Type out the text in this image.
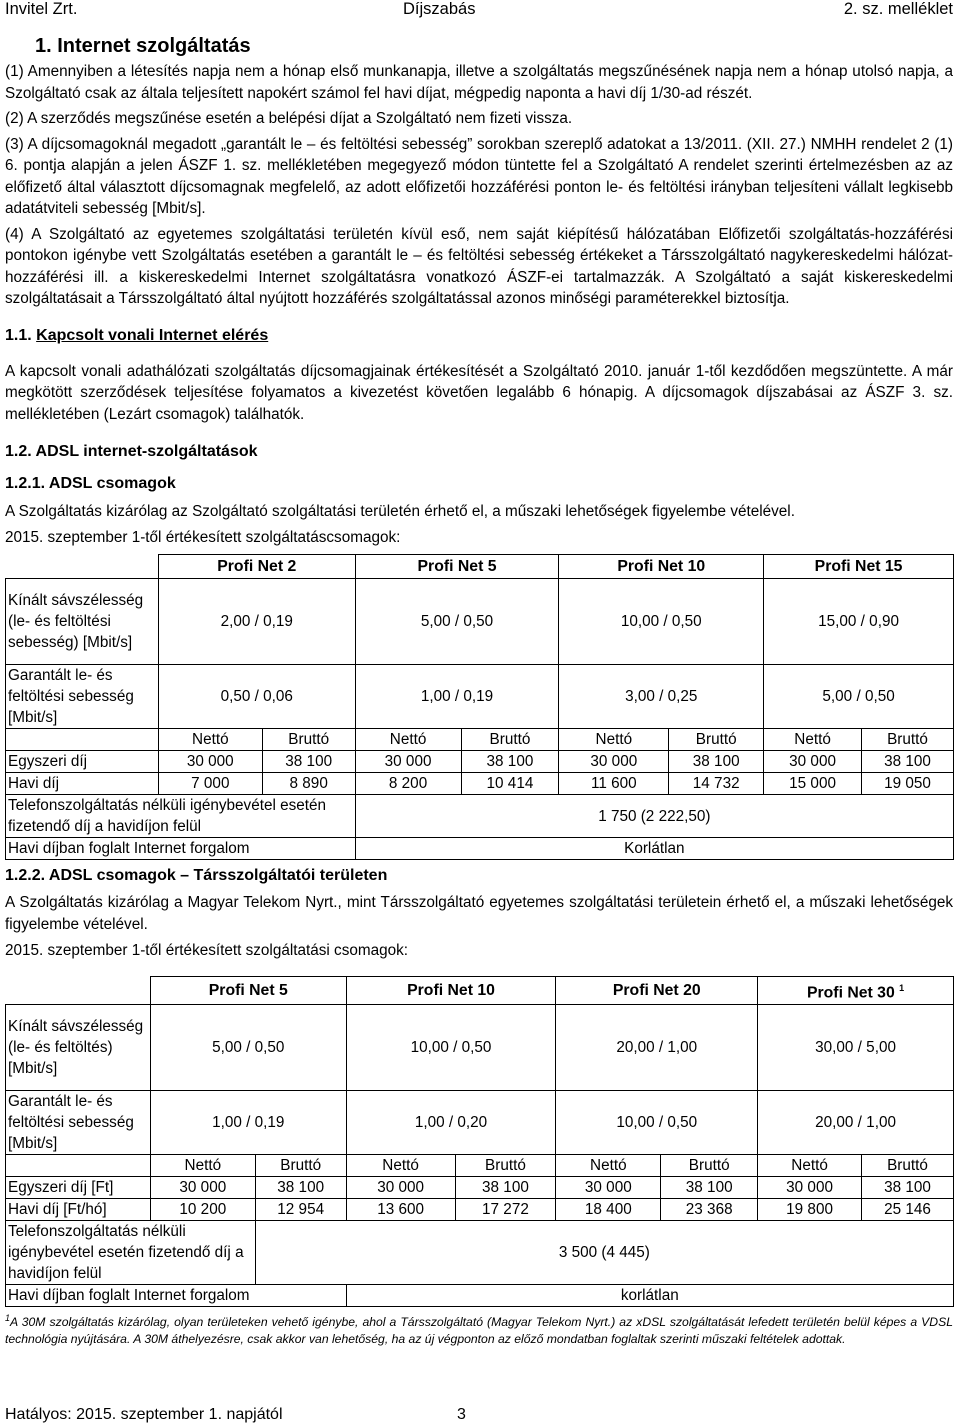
Invitel Zrt.	Díjszabás	2. sz. melléklet
1. Internet szolgáltatás

(1) Amennyiben a létesítés napja nem a hónap első munkanapja, illetve a szolgáltatás megszűnésének napja nem a hónap utolsó napja, a Szolgáltató csak az általa teljesített napokért számol fel havi díjat, mégpedig naponta a havi díj 1/30-ad részét.

(2) A szerződés megszűnése esetén a belépési díjat a Szolgáltató nem fizeti vissza.

(3) A díjcsomagoknál megadott „garantált le – és feltöltési sebesség” sorokban szereplő adatokat a 13/2011. (XII. 27.) NMHH rendelet 2 (1) 6. pontja alapján a jelen ÁSZF 1. sz. mellékletében megegyező módon tüntette fel a Szolgáltató A rendelet szerinti értelmezésben az az előfizető által választott díjcsomagnak megfelelő, az adott előfizetői hozzáférési ponton le- és feltöltési irányban teljesíteni vállalt legkisebb adatátviteli sebesség [Mbit/s].

(4) A Szolgáltató az egyetemes szolgáltatási területén kívül eső, nem saját kiépítésű hálózatában Előfizetői szolgáltatás-hozzáférési pontokon igénybe vett Szolgáltatás esetében a garantált le – és feltöltési sebesség értékeket a Társszolgáltató nagykereskedelmi hálózat-hozzáférési ill. a kiskereskedelmi Internet szolgáltatásra vonatkozó ÁSZF-ei tartalmazzák. A Szolgáltató a saját kiskereskedelmi szolgáltatásait a Társszolgáltató által nyújtott hozzáférés szolgáltatással azonos minőségi paraméterekkel biztosítja.

1.1. Kapcsolt vonali Internet elérés

A kapcsolt vonali adathálózati szolgáltatás díjcsomagjainak értékesítését a Szolgáltató 2010. január 1-től kezdődően megszüntette. A már megkötött szerződések teljesítése folyamatos a kivezetést követően legalább 6 hónapig. A díjcsomagok díjszabásai az ÁSZF 3. sz. mellékletében (Lezárt csomagok) találhatók.

1.2. ADSL internet-szolgáltatások
1.2.1. ADSL csomagok

A Szolgáltatás kizárólag az Szolgáltató szolgáltatási területén érhető el, a műszaki lehetőségek figyelembe vételével.

2015. szeptember 1-től értékesített szolgáltatáscsomagok:

	Profi Net 2		Profi Net 5		Profi Net 10		Profi Net 15	
Kínált sávszélesség (le- és feltöltési sebesség) [Mbit/s]	2,00 / 0,19		5,00 / 0,50		10,00 / 0,50		15,00 / 0,90	
Garantált le- és feltöltési sebesség [Mbit/s]	0,50 / 0,06		1,00 / 0,19		3,00 / 0,25		5,00 / 0,50	
	Nettó	Bruttó	Nettó	Bruttó	Nettó	Bruttó	Nettó	Bruttó
Egyszeri díj	30 000	38 100	30 000	38 100	30 000	38 100	30 000	38 100
Havi díj	7 000	8 890	8 200	10 414	11 600	14 732	15 000	19 050
Telefonszolgáltatás nélküli igénybevétel esetén fizetendő díj a havidíjon felül			1 750 (2 222,50)					
Havi díjban foglalt Internet forgalom			Korlátlan					
1.2.2. ADSL csomagok – Társszolgáltatói területen

A Szolgáltatás kizárólag a Magyar Telekom Nyrt., mint Társszolgáltató egyetemes szolgáltatási területein érhető el, a műszaki lehetőségek figyelembe vételével.

2015. szeptember 1-től értékesített szolgáltatási csomagok:

	Profi Net 5		Profi Net 10		Profi Net 20		Profi Net 30 $^1$
Kínált sávszélesség (le- és feltöltés) [Mbit/s]	5,00 / 0,50		10,00 / 0,50		20,00 / 1,00		30,00 / 5,00	
Garantált le- és feltöltési sebesség [Mbit/s]	1,00 / 0,19		1,00 / 0,20		10,00 / 0,50		20,00 / 1,00	
	Nettó	Bruttó	Nettó	Bruttó	Nettó	Bruttó	Nettó	Bruttó
Egyszeri díj [Ft]	30 000	38 100	30 000	38 100	30 000	38 100	30 000	38 100
Havi díj [Ft/hó]	10 200	12 954	13 600	17 272	18 400	23 368	19 800	25 146
Telefonszolgáltatás nélküli igénybevétel esetén fizetendő díj a havidíjon felül		3 500 (4 445)						
Havi díjban foglalt Internet forgalom			korlátlan					
$^1$A 30M szolgáltatás kizárólag, olyan területeken vehető igénybe, ahol a Társszolgáltató (Magyar Telekom Nyrt.) az xDSL szolgáltatását lefedett területén belül képes a VDSL technológia nyújtására. A 30M áthelyezésre, csak akkor van lehetőség, ha az új végponton az előző mondatban foglaltak szerinti műszaki feltételek adottak.
Hatályos: 2015. szeptember 1. napjától	3
